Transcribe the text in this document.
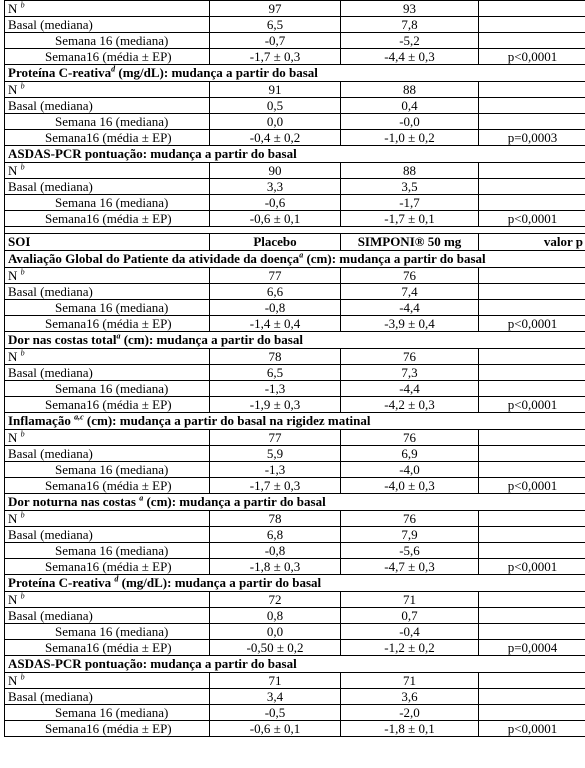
N $^b$	97	93	
Basal (mediana)	6,5	7,8	
Semana 16 (mediana)	-0,7	-5,2	
Semana16 (média ± EP)	-1,7 ± 0,3	-4,4 ± 0,3	p<0,0001
Proteína C-reativa$^d$ (mg/dL): mudança a partir do basal			
N $^b$	91	88	
Basal (mediana)	0,5	0,4	
Semana 16 (mediana)	0,0	-0,0	
Semana16 (média ± EP)	-0,4 ± 0,2	-1,0 ± 0,2	p=0,0003
ASDAS-PCR pontuação: mudança a partir do basal			
N $^b$	90	88	
Basal (mediana)	3,3	3,5	
Semana 16 (mediana)	-0,6	-1,7	
Semana16 (média ± EP)	-0,6 ± 0,1	-1,7 ± 0,1	p<0,0001

SOI	Placebo	SIMPONI® 50 mg	valor p
Avaliação Global do Patiente da atividade da doença$^a$ (cm): mudança a partir do basal			
N $^b$	77	76	
Basal (mediana)	6,6	7,4	
Semana 16 (mediana)	-0,8	-4,4	
Semana16 (média ± EP)	-1,4 ± 0,4	-3,9 ± 0,4	p<0,0001
Dor nas costas total$^a$ (cm): mudança a partir do basal			
N $^b$	78	76	
Basal (mediana)	6,5	7,3	
Semana 16 (mediana)	-1,3	-4,4	
Semana16 (média ± EP)	-1,9 ± 0,3	-4,2 ± 0,3	p<0,0001
Inflamação $^{a,c}$ (cm): mudança a partir do basal na rigidez matinal			
N $^b$	77	76	
Basal (mediana)	5,9	6,9	
Semana 16 (mediana)	-1,3	-4,0	
Semana16 (média ± EP)	-1,7 ± 0,3	-4,0 ± 0,3	p<0,0001
Dor noturna nas costas $^a$ (cm): mudança a partir do basal			
N $^b$	78	76	
Basal (mediana)	6,8	7,9	
Semana 16 (mediana)	-0,8	-5,6	
Semana16 (média ± EP)	-1,8 ± 0,3	-4,7 ± 0,3	p<0,0001
Proteína C-reativa $^d$ (mg/dL): mudança a partir do basal			
N $^b$	72	71	
Basal (mediana)	0,8	0,7	
Semana 16 (mediana)	0,0	-0,4	
Semana16 (média ± EP)	-0,50 ± 0,2	-1,2 ± 0,2	p=0,0004
ASDAS-PCR pontuação: mudança a partir do basal			
N $^b$	71	71	
Basal (mediana)	3,4	3,6	
Semana 16 (mediana)	-0,5	-2,0	
Semana16 (média ± EP)	-0,6 ± 0,1	-1,8 ± 0,1	p<0,0001
